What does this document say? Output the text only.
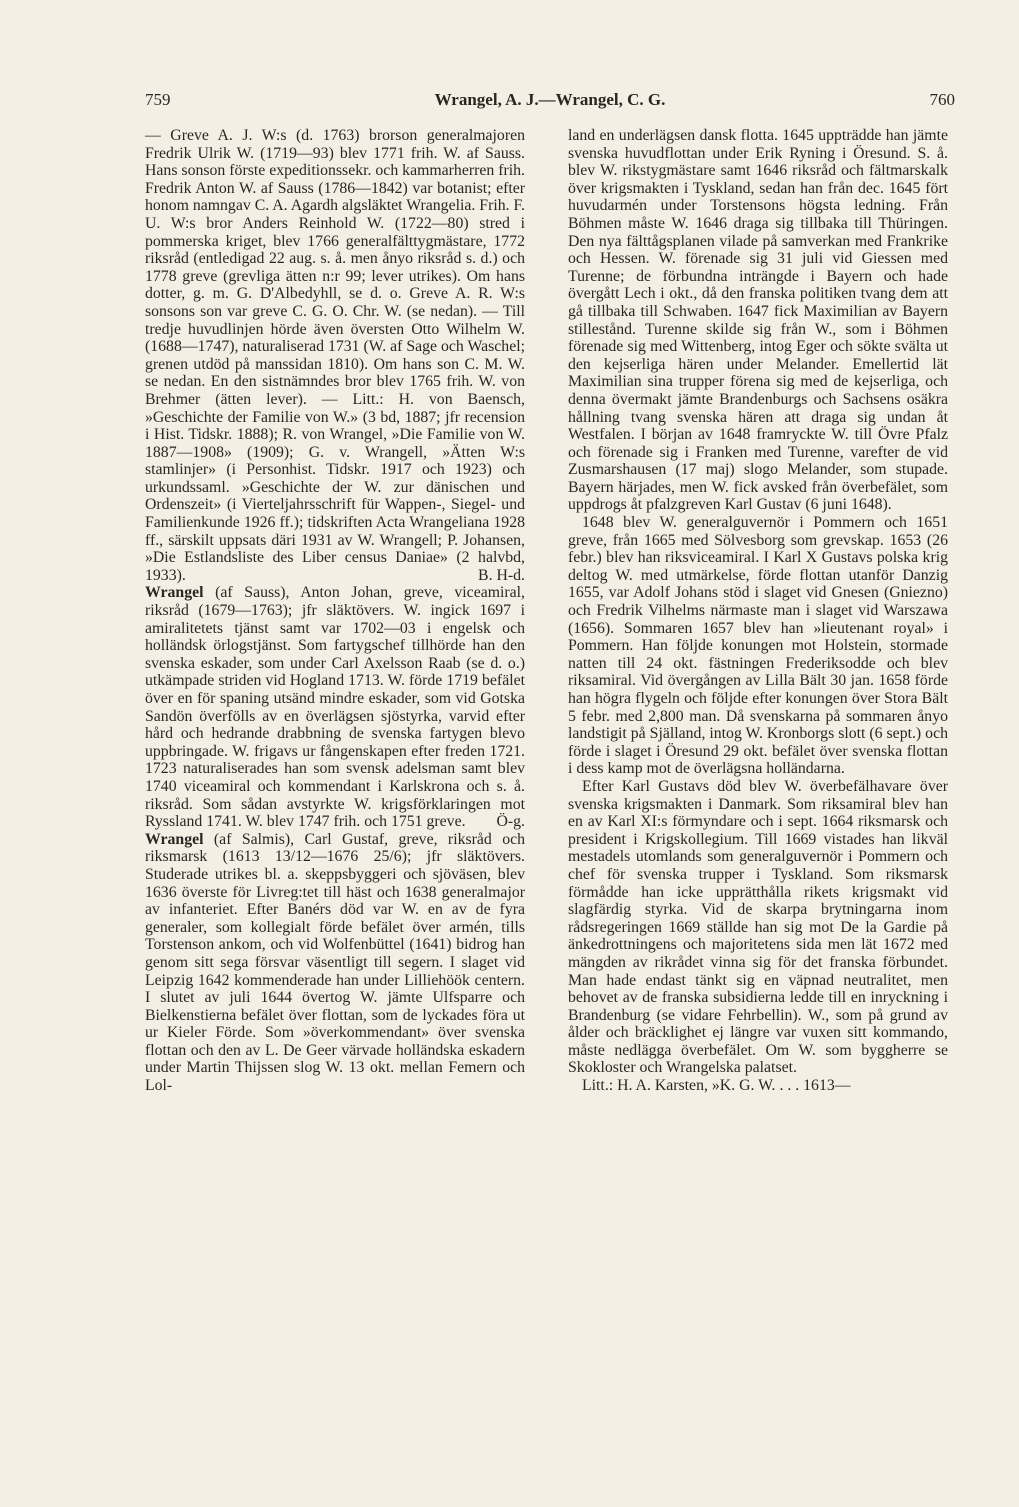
759	Wrangel, A. J.—Wrangel, C. G.	760

— Greve A. J. W:s (d. 1763) brorson generalmajoren Fredrik Ulrik W. (1719—93) blev 1771 frih. W. af Sauss. Hans sonson förste expeditionssekr. och kammarherren frih. Fredrik Anton W. af Sauss (1786—1842) var botanist; efter honom namngav C. A. Agardh algsläktet Wrangelia. Frih. F. U. W:s bror Anders Reinhold W. (1722—80) stred i pommerska kriget, blev 1766 generalfälttygmästare, 1772 riksråd (entledigad 22 aug. s. å. men ånyo riksråd s. d.) och 1778 greve (grevliga ätten n:r 99; lever utrikes). Om hans dotter, g. m. G. D'Albedyhll, se d. o. Greve A. R. W:s sonsons son var greve C. G. O. Chr. W. (se nedan). — Till tredje huvudlinjen hörde även översten Otto Wilhelm W. (1688—1747), naturaliserad 1731 (W. af Sage och Waschel; grenen utdöd på manssidan 1810). Om hans son C. M. W. se nedan. En den sistnämndes bror blev 1765 frih. W. von Brehmer (ätten lever). — Litt.: H. von Baensch, »Geschichte der Familie von W.» (3 bd, 1887; jfr recension i Hist. Tidskr. 1888); R. von Wrangel, »Die Familie von W. 1887—1908» (1909); G. v. Wrangell, »Ätten W:s stamlinjer» (i Personhist. Tidskr. 1917 och 1923) och urkundssaml. »Geschichte der W. zur dänischen und Ordenszeit» (i Vierteljahrsschrift für Wappen-, Siegel- und Familienkunde 1926 ff.); tidskriften Acta Wrangeliana 1928 ff., särskilt uppsats däri 1931 av W. Wrangell; P. Johansen, »Die Estlandsliste des Liber census Daniae» (2 halvbd, 1933).	B. H-d.

Wrangel (af Sauss), Anton Johan, greve, viceamiral, riksråd (1679—1763); jfr släktövers. W. ingick 1697 i amiralitetets tjänst samt var 1702—03 i engelsk och holländsk örlogstjänst. Som fartygschef tillhörde han den svenska eskader, som under Carl Axelsson Raab (se d. o.) utkämpade striden vid Hogland 1713. W. förde 1719 befälet över en för spaning utsänd mindre eskader, som vid Gotska Sandön överfölls av en överlägsen sjöstyrka, varvid efter hård och hedrande drabbning de svenska fartygen blevo uppbringade. W. frigavs ur fångenskapen efter freden 1721. 1723 naturaliserades han som svensk adelsman samt blev 1740 viceamiral och kommendant i Karlskrona och s. å. riksråd. Som sådan avstyrkte W. krigsförklaringen mot Ryssland 1741. W. blev 1747 frih. och 1751 greve. Ö-g.

Wrangel (af Salmis), Carl Gustaf, greve, riksråd och riksmarsk (1613 13/12—1676 25/6); jfr släktövers. Studerade utrikes bl. a. skeppsbyggeri och sjöväsen, blev 1636 överste för Livreg:tet till häst och 1638 generalmajor av infanteriet. Efter Banérs död var W. en av de fyra generaler, som kollegialt förde befälet över armén, tills Torstenson ankom, och vid Wolfenbüttel (1641) bidrog han genom sitt sega försvar väsentligt till segern. I slaget vid Leipzig 1642 kommenderade han under Lilliehöök centern. I slutet av juli 1644 övertog W. jämte Ulfsparre och Bielkenstierna befälet över flottan, som de lyckades föra ut ur Kieler Förde. Som »överkommendant» över svenska flottan och den av L. De Geer värvade holländska eskadern under Martin Thijssen slog W. 13 okt. mellan Femern och Lol-

land en underlägsen dansk flotta. 1645 uppträdde han jämte svenska huvudflottan under Erik Ryning i Öresund. S. å. blev W. rikstygmästare samt 1646 riksråd och fältmarskalk över krigsmakten i Tyskland, sedan han från dec. 1645 fört huvudarmén under Torstensons högsta ledning. Från Böhmen måste W. 1646 draga sig tillbaka till Thüringen. Den nya fälttågsplanen vilade på samverkan med Frankrike och Hessen. W. förenade sig 31 juli vid Giessen med Turenne; de förbundna inträngde i Bayern och hade övergått Lech i okt., då den franska politiken tvang dem att gå tillbaka till Schwaben. 1647 fick Maximilian av Bayern stillestånd. Turenne skilde sig från W., som i Böhmen förenade sig med Wittenberg, intog Eger och sökte svälta ut den kejserliga hären under Melander. Emellertid lät Maximilian sina trupper förena sig med de kejserliga, och denna övermakt jämte Brandenburgs och Sachsens osäkra hållning tvang svenska hären att draga sig undan åt Westfalen. I början av 1648 framryckte W. till Övre Pfalz och förenade sig i Franken med Turenne, varefter de vid Zusmarshausen (17 maj) slogo Melander, som stupade. Bayern härjades, men W. fick avsked från överbefälet, som uppdrogs åt pfalzgreven Karl Gustav (6 juni 1648).

1648 blev W. generalguvernör i Pommern och 1651 greve, från 1665 med Sölvesborg som grevskap. 1653 (26 febr.) blev han riksviceamiral. I Karl X Gustavs polska krig deltog W. med utmärkelse, förde flottan utanför Danzig 1655, var Adolf Johans stöd i slaget vid Gnesen (Gniezno) och Fredrik Vilhelms närmaste man i slaget vid Warszawa (1656). Sommaren 1657 blev han »lieutenant royal» i Pommern. Han följde konungen mot Holstein, stormade natten till 24 okt. fästningen Frederiksodde och blev riksamiral. Vid övergången av Lilla Bält 30 jan. 1658 förde han högra flygeln och följde efter konungen över Stora Bält 5 febr. med 2,800 man. Då svenskarna på sommaren ånyo landstigit på Själland, intog W. Kronborgs slott (6 sept.) och förde i slaget i Öresund 29 okt. befälet över svenska flottan i dess kamp mot de överlägsna holländarna.

Efter Karl Gustavs död blev W. överbefälhavare över svenska krigsmakten i Danmark. Som riksamiral blev han en av Karl XI:s förmyndare och i sept. 1664 riksmarsk och president i Krigskollegium. Till 1669 vistades han likväl mestadels utomlands som generalguvernör i Pommern och chef för svenska trupper i Tyskland. Som riksmarsk förmådde han icke upprätthålla rikets krigsmakt vid slagfärdig styrka. Vid de skarpa brytningarna inom rådsregeringen 1669 ställde han sig mot De la Gardie på änkedrottningens och majoritetens sida men lät 1672 med mängden av rikrådet vinna sig för det franska förbundet. Man hade endast tänkt sig en väpnad neutralitet, men behovet av de franska subsidierna ledde till en inryckning i Brandenburg (se vidare Fehrbellin). W., som på grund av ålder och bräcklighet ej längre var vuxen sitt kommando, måste nedlägga överbefälet. Om W. som byggherre se Skokloster och Wrangelska palatset.

Litt.: H. A. Karsten, »K. G. W. . . . 1613—
